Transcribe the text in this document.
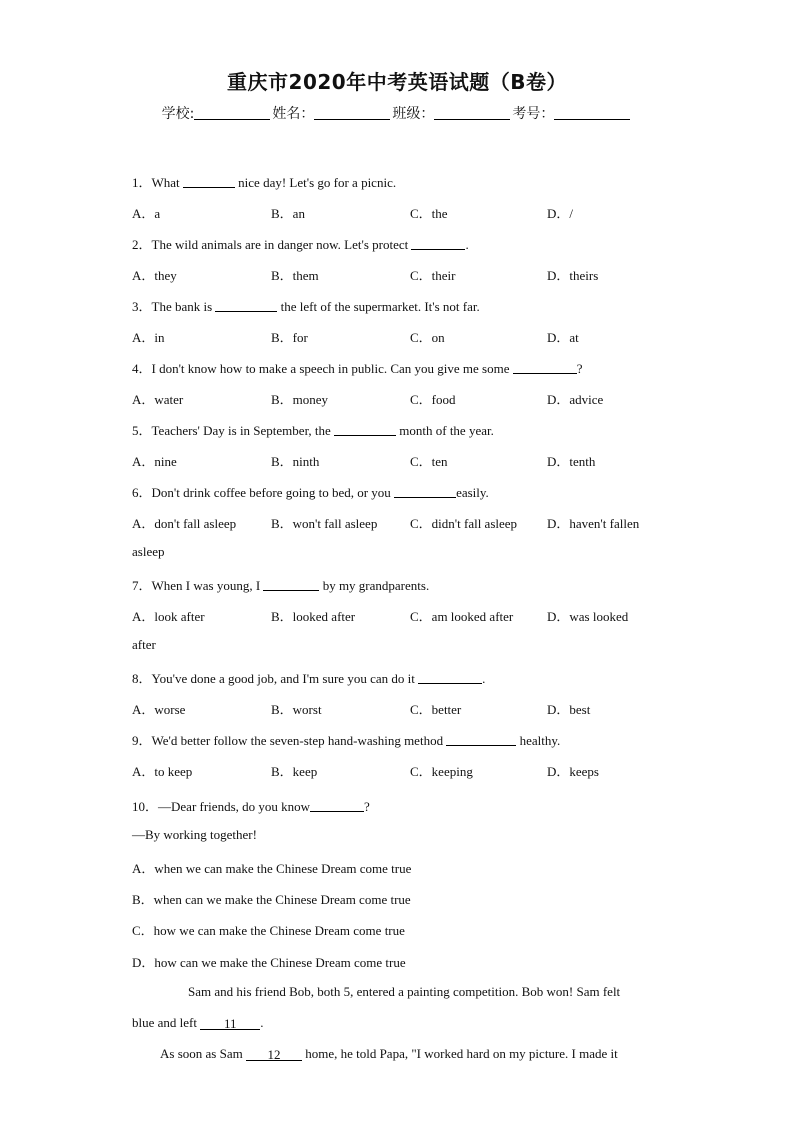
重庆市2020年中考英语试题（B卷）
学校:	姓名：	班级：	考号：
1．What	nice day! Let's go for a picnic.
A．a	B．an	C．the	D．/
2．The wild animals are in danger now. Let's protect	.
A．they	B．them	C．their	D．theirs
3．The bank is	the left of the supermarket. It's not far.
A．in	B．for	C．on	D．at
4．I don't know how to make a speech in public. Can you give me some	?
A．water	B．money	C．food	D．advice
5．Teachers' Day is in September, the	month of the year.
A．nine	B．ninth	C．ten	D．tenth
6．Don't drink coffee before going to bed, or you	easily.
A．don't fall asleep	B．won't fall asleep	C．didn't fall asleep D．haven't fallen
asleep
7．When I was young, I	by my grandparents.
A．look after	B．looked after	C．am looked after	D．was looked
after
8．You've done a good job, and I'm sure you can do it	.
A．worse	B．worst	C．better	D．best
9．We'd better follow the seven-step hand-washing method	healthy.
A．to keep	B．keep	C．keeping	D．keeps
10．—Dear friends, do you know	?
—By working together!
A．when we can make the Chinese Dream come true
B．when can we make the Chinese Dream come true
C．how we can make the Chinese Dream come true
D．how can we make the Chinese Dream come true
Sam and his friend Bob, both 5, entered a painting competition. Bob won! Sam felt
blue and left 11 .
As soon as Sam 12 home, he told Papa, "I worked hard on my picture. I made it
